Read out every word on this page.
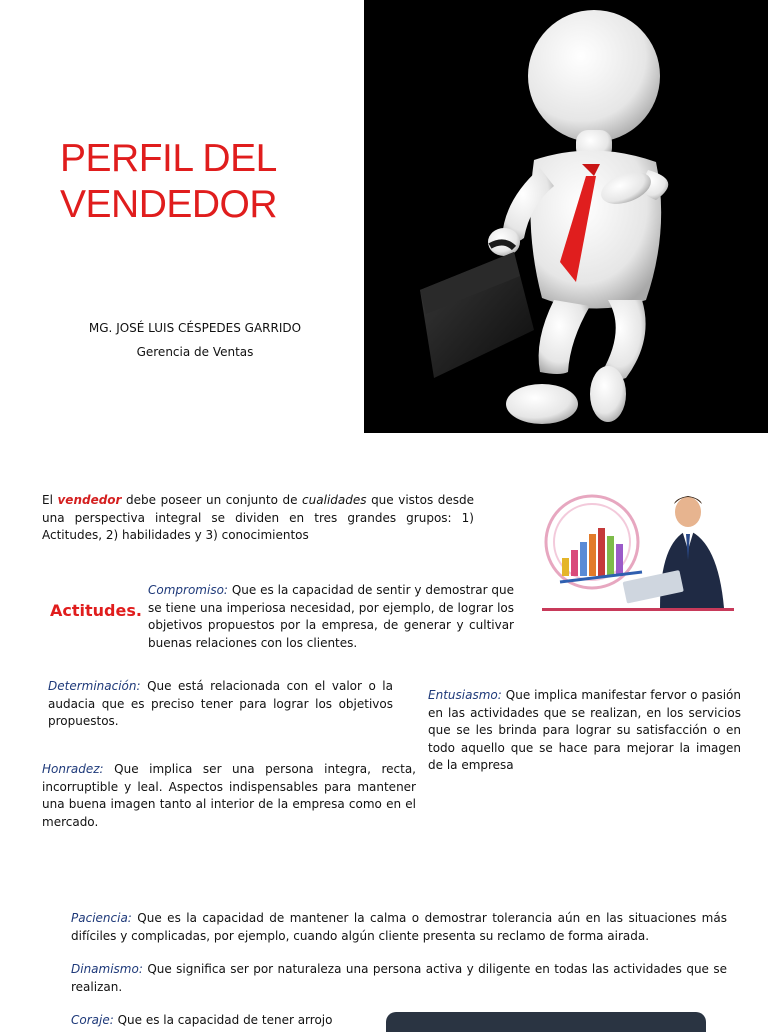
PERFIL DEL
VENDEDOR
MG. JOSÉ LUIS CÉSPEDES GARRIDO
Gerencia de Ventas
El vendedor debe poseer un conjunto de cualidades que vistos desde una perspectiva integral se dividen en tres grandes grupos: 1) Actitudes, 2) habilidades y 3) conocimientos
Actitudes.
Compromiso: Que es la capacidad de sentir y demostrar que se tiene una imperiosa necesidad, por ejemplo, de lograr los objetivos propuestos por la empresa, de generar y cultivar buenas relaciones con los clientes.
Determinación: Que está relacionada con el valor o la audacia que es preciso tener para lograr los objetivos propuestos.
Entusiasmo: Que implica manifestar fervor o pasión en las actividades que se realizan, en los servicios que se les brinda para lograr su satisfacción o en todo aquello que se hace para mejorar la imagen de la empresa
Honradez: Que implica ser una persona integra, recta, incorruptible y leal. Aspectos indispensables para mantener una buena imagen tanto al interior de la empresa como en el mercado.
Paciencia: Que es la capacidad de mantener la calma o demostrar tolerancia aún en las situaciones más difíciles y complicadas, por ejemplo, cuando algún cliente presenta su reclamo de forma airada.
Dinamismo: Que significa ser por naturaleza una persona activa y diligente en todas las actividades que se realizan.
Coraje: Que es la capacidad de tener arrojo
